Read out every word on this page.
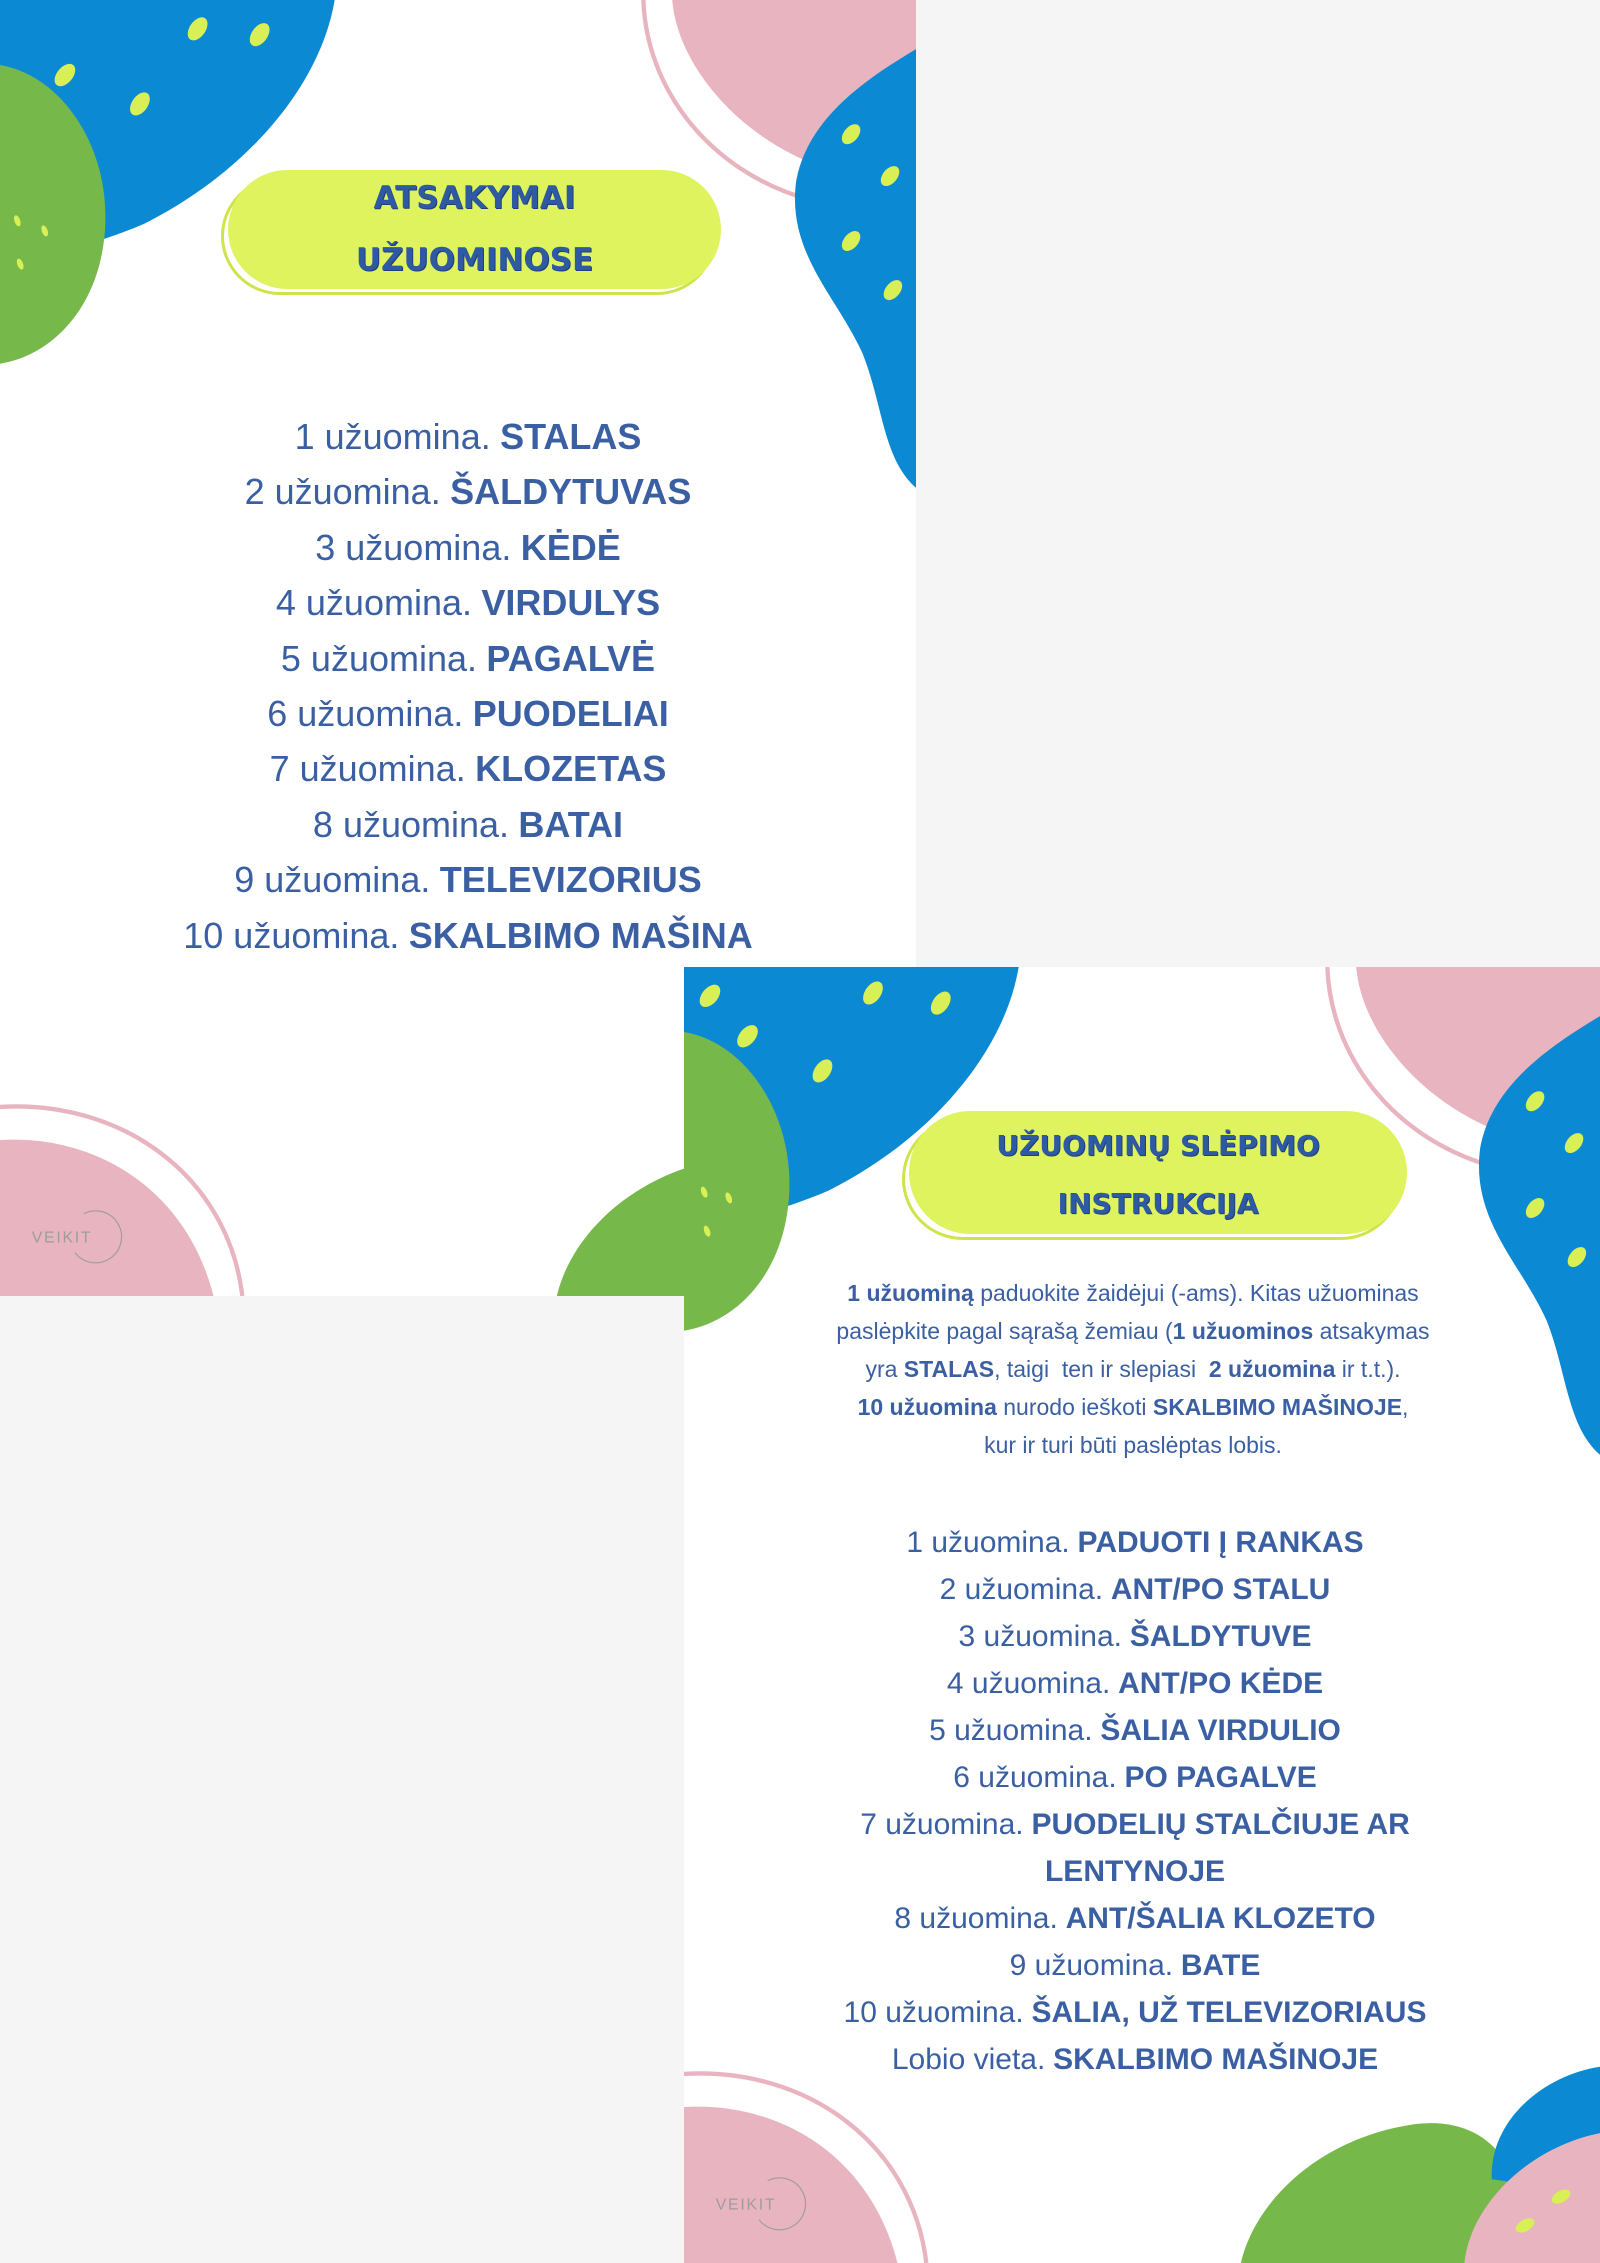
VEIKIT
ATSAKYMAI
UŽUOMINOSE
1 užuomina. STALAS
2 užuomina. ŠALDYTUVAS
3 užuomina. KĖDĖ
4 užuomina. VIRDULYS
5 užuomina. PAGALVĖ
6 užuomina. PUODELIAI
7 užuomina. KLOZETAS
8 užuomina. BATAI
9 užuomina. TELEVIZORIUS
10 užuomina. SKALBIMO MAŠINA
VEIKIT
UŽUOMINŲ SLĖPIMO
INSTRUKCIJA
1 užuominą paduokite žaidėjui (-ams). Kitas užuominas
paslėpkite pagal sąrašą žemiau (1 užuominos atsakymas
yra STALAS, taigi  ten ir slepiasi  2 užuomina ir t.t.).
10 užuomina nurodo ieškoti SKALBIMO MAŠINOJE,
kur ir turi būti paslėptas lobis.
1 užuomina. PADUOTI Į RANKAS
2 užuomina. ANT/PO STALU
3 užuomina. ŠALDYTUVE
4 užuomina. ANT/PO KĖDE
5 užuomina. ŠALIA VIRDULIO
6 užuomina. PO PAGALVE
7 užuomina. PUODELIŲ STALČIUJE AR
LENTYNOJE
8 užuomina. ANT/ŠALIA KLOZETO
9 užuomina. BATE
10 užuomina. ŠALIA, UŽ TELEVIZORIAUS
Lobio vieta. SKALBIMO MAŠINOJE
